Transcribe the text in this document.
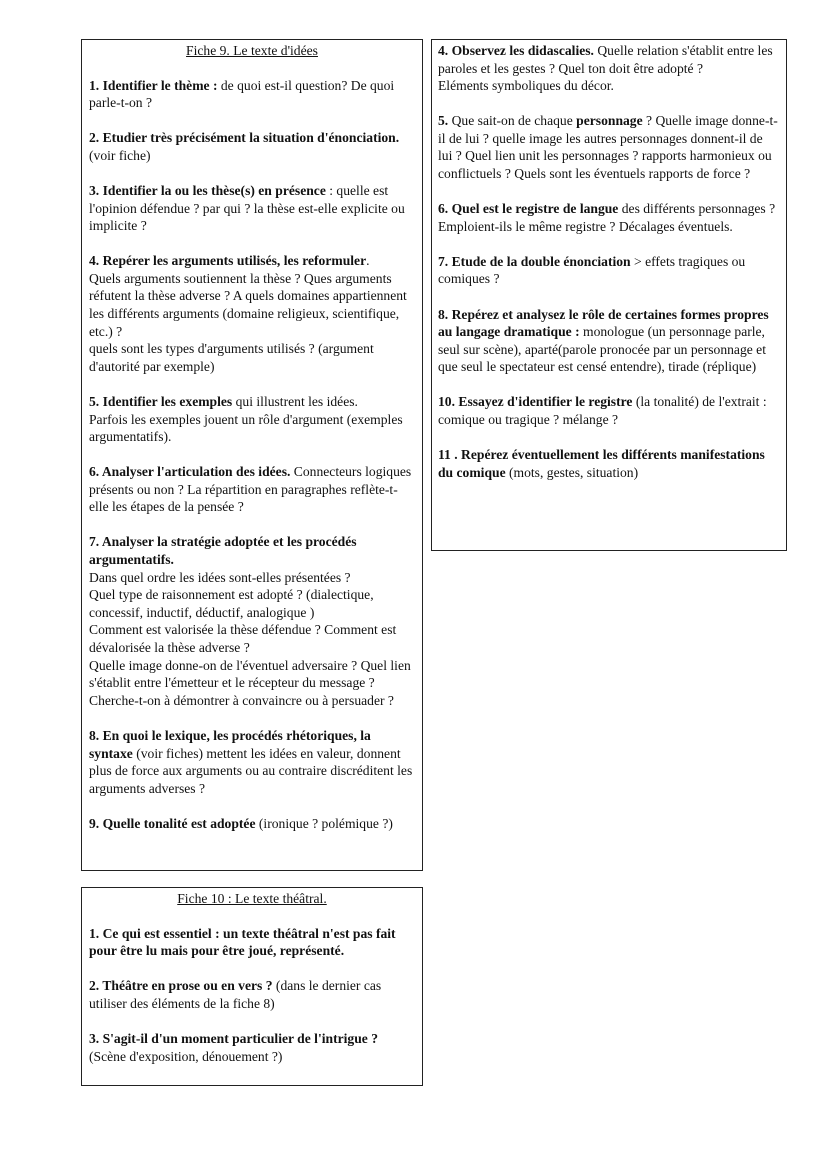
Fiche 9. Le texte d'idées

1. Identifier le thème : de quoi est-il question? De quoi parle-t-on ?

2. Etudier très précisément la situation d'énonciation. (voir fiche)

3. Identifier la ou les thèse(s) en présence : quelle est l'opinion défendue ? par qui ? la thèse est-elle explicite ou implicite ?

4. Repérer les arguments utilisés, les reformuler.

Quels arguments soutiennent la thèse ? Ques arguments réfutent la thèse adverse ? A quels domaines appartiennent les différents arguments (domaine religieux, scientifique, etc.) ?

quels sont les types d'arguments utilisés ? (argument d'autorité par exemple)

5. Identifier les exemples qui illustrent les idées.

Parfois les exemples jouent un rôle d'argument (exemples argumentatifs).

6. Analyser l'articulation des idées. Connecteurs logiques présents ou non ? La répartition en paragraphes reflète-t-elle les étapes de la pensée ?

7. Analyser la stratégie adoptée et les procédés argumentatifs.

Dans quel ordre les idées sont-elles présentées ?

Quel type de raisonnement est adopté ? (dialectique, concessif, inductif, déductif, analogique )

Comment est valorisée la thèse défendue ? Comment est dévalorisée la thèse adverse ?

Quelle image donne-on de l'éventuel adversaire ? Quel lien s'établit entre l'émetteur et le récepteur du message ? Cherche-t-on à démontrer à convaincre ou à persuader ?

8. En quoi le lexique, les procédés rhétoriques, la syntaxe (voir fiches) mettent les idées en valeur, donnent plus de force aux arguments ou au contraire discréditent les arguments adverses ?

9. Quelle tonalité est adoptée (ironique ? polémique ?)

Fiche 10 : Le texte théâtral.

1. Ce qui est essentiel : un texte théâtral n'est pas fait pour être lu mais pour être joué, représenté.

2. Théâtre en prose ou en vers ? (dans le dernier cas utiliser des éléments de la fiche 8)

3. S'agit-il d'un moment particulier de l'intrigue ? (Scène d'exposition, dénouement ?)

4. Observez les didascalies. Quelle relation s'établit entre les paroles et les gestes ? Quel ton doit être adopté ?

Eléments symboliques du décor.

5. Que sait-on de chaque personnage ? Quelle image donne-t-il de lui ? quelle image les autres personnages donnent-il de lui ? Quel lien unit les personnages ? rapports harmonieux ou conflictuels ? Quels sont les éventuels rapports de force ?

6. Quel est le registre de langue des différents personnages ? Emploient-ils le même registre ? Décalages éventuels.

7. Etude de la double énonciation > effets tragiques ou comiques ?

8. Repérez et analysez le rôle de certaines formes propres au langage dramatique : monologue (un personnage parle, seul sur scène), aparté(parole pronocée par un personnage et que seul le spectateur est censé entendre), tirade (réplique)

10. Essayez d'identifier le registre (la tonalité) de l'extrait : comique ou tragique ? mélange ?

11 . Repérez éventuellement les différents manifestations du comique (mots, gestes, situation)
